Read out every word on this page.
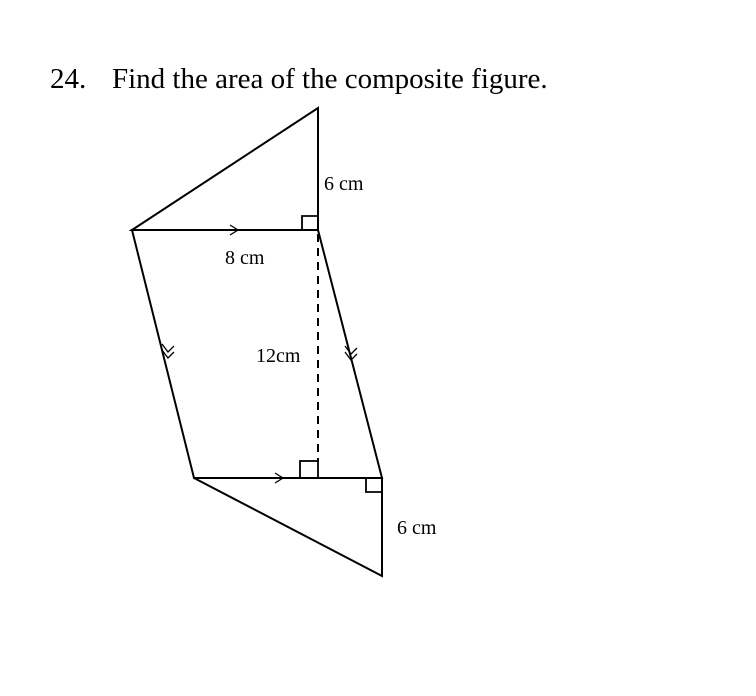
24. Find the area of the composite figure.
6 cm
8 cm
12cm
6 cm
